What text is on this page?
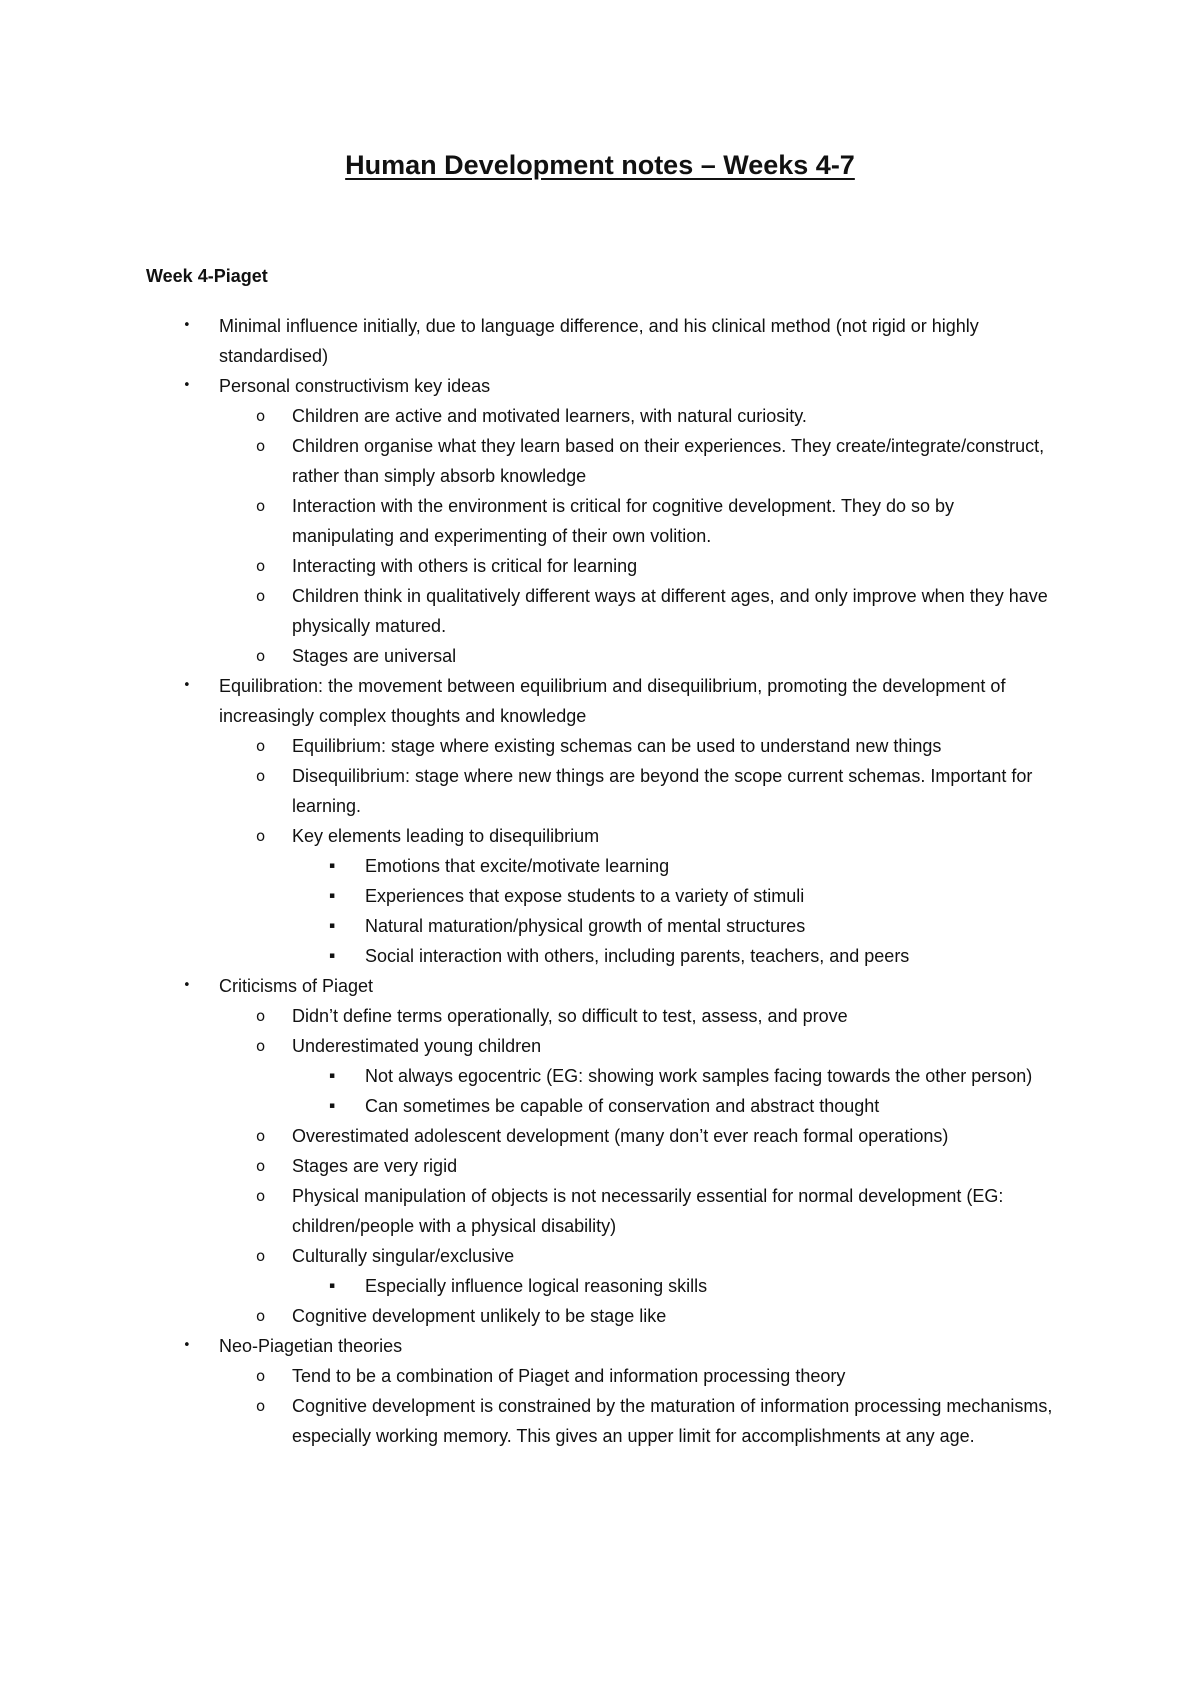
Human Development notes – Weeks 4-7
Week 4-Piaget
• Minimal influence initially, due to language difference, and his clinical method (not rigid or highly standardised)
• Personal constructivism key ideas
o Children are active and motivated learners, with natural curiosity.
o Children organise what they learn based on their experiences. They create/integrate/construct, rather than simply absorb knowledge
o Interaction with the environment is critical for cognitive development. They do so by manipulating and experimenting of their own volition.
o Interacting with others is critical for learning
o Children think in qualitatively different ways at different ages, and only improve when they have physically matured.
o Stages are universal
• Equilibration: the movement between equilibrium and disequilibrium, promoting the development of increasingly complex thoughts and knowledge
o Equilibrium: stage where existing schemas can be used to understand new things
o Disequilibrium: stage where new things are beyond the scope current schemas. Important for learning.
o Key elements leading to disequilibrium
▪ Emotions that excite/motivate learning
▪ Experiences that expose students to a variety of stimuli
▪ Natural maturation/physical growth of mental structures
▪ Social interaction with others, including parents, teachers, and peers
• Criticisms of Piaget
o Didn’t define terms operationally, so difficult to test, assess, and prove
o Underestimated young children
▪ Not always egocentric (EG: showing work samples facing towards the other person)
▪ Can sometimes be capable of conservation and abstract thought
o Overestimated adolescent development (many don’t ever reach formal operations)
o Stages are very rigid
o Physical manipulation of objects is not necessarily essential for normal development (EG: children/people with a physical disability)
o Culturally singular/exclusive
▪ Especially influence logical reasoning skills
o Cognitive development unlikely to be stage like
• Neo-Piagetian theories
o Tend to be a combination of Piaget and information processing theory
o Cognitive development is constrained by the maturation of information processing mechanisms, especially working memory. This gives an upper limit for accomplishments at any age.
